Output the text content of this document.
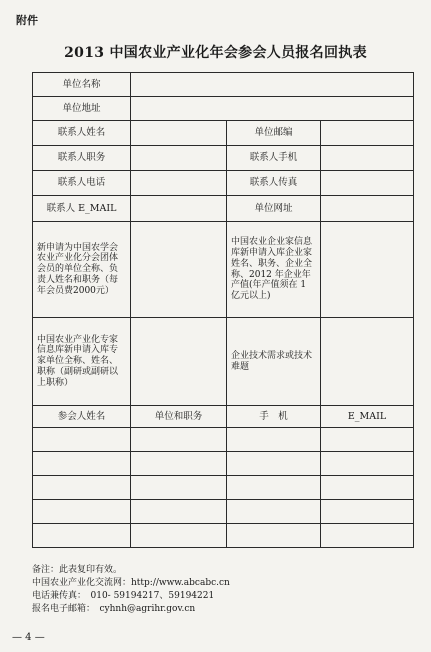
附件
2013 中国农业产业化年会参会人员报名回执表
单位名称			
单位地址			
联系人姓名		单位邮编	
联系人职务		联系人手机	
联系人电话		联系人传真	
联系人 E_MAIL		单位网址	
新申请为中国农学会农业产业化分会团体会员的单位全称、负责人姓名和职务（每年会员费2000元）		中国农业企业家信息库新申请入库企业家姓名、职务、企业全称、2012 年企业年产值(年产值须在 1 亿元以上)	
中国农业产业化专家信息库新申请入库专家单位全称、姓名、职称（副研或副研以上职称）		企业技术需求或技术难题	
参会人姓名	单位和职务	手　机	E_MAIL

备注：此表复印有效。
中国农业产业化交流网：http://www.abcabc.cn
电话兼传真：　010- 59194217、59194221
报名电子邮箱：　cyhnh@agrihr.gov.cn
— 4 —
